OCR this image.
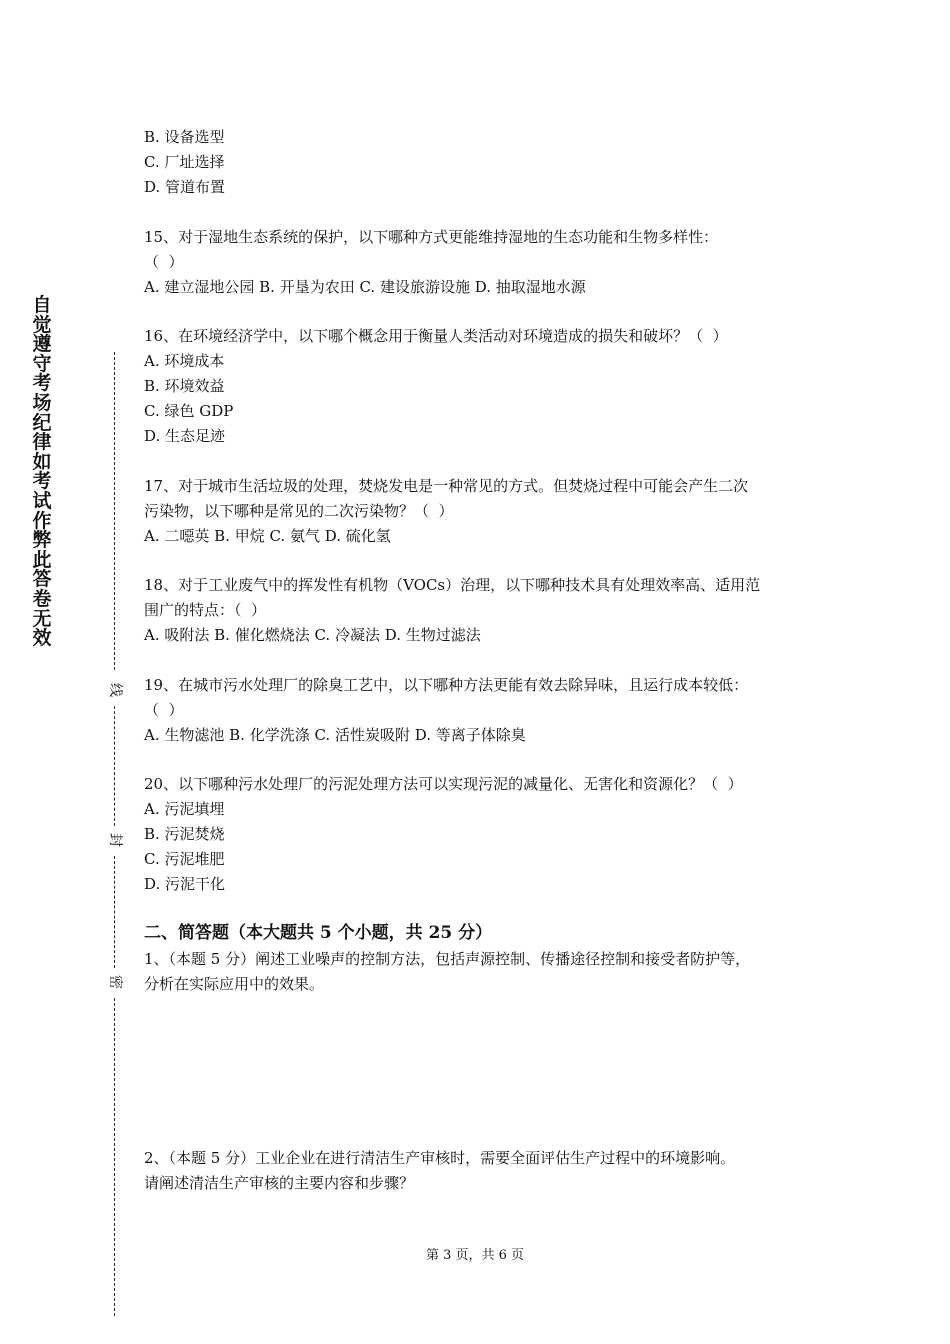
自觉遵守考场纪律如考试作弊此答卷无效
线
封
密
B. 设备选型
C. 厂址选择
D. 管道布置
15、对于湿地生态系统的保护，以下哪种方式更能维持湿地的生态功能和生物多样性：
（  ）
A. 建立湿地公园 B. 开垦为农田 C. 建设旅游设施 D. 抽取湿地水源
16、在环境经济学中，以下哪个概念用于衡量人类活动对环境造成的损失和破坏？（  ）
A. 环境成本
B. 环境效益
C. 绿色 GDP
D. 生态足迹
17、对于城市生活垃圾的处理，焚烧发电是一种常见的方式。但焚烧过程中可能会产生二次
污染物，以下哪种是常见的二次污染物？（  ）
A. 二噁英 B. 甲烷 C. 氨气 D. 硫化氢
18、对于工业废气中的挥发性有机物（VOCs）治理，以下哪种技术具有处理效率高、适用范
围广的特点：（  ）
A. 吸附法 B. 催化燃烧法 C. 冷凝法 D. 生物过滤法
19、在城市污水处理厂的除臭工艺中，以下哪种方法更能有效去除异味，且运行成本较低：
（  ）
A. 生物滤池 B. 化学洗涤 C. 活性炭吸附 D. 等离子体除臭
20、以下哪种污水处理厂的污泥处理方法可以实现污泥的减量化、无害化和资源化？（  ）
A. 污泥填埋
B. 污泥焚烧
C. 污泥堆肥
D. 污泥干化
二、简答题（本大题共 5 个小题，共 25 分）
1、（本题 5 分）阐述工业噪声的控制方法，包括声源控制、传播途径控制和接受者防护等，
分析在实际应用中的效果。
2、（本题 5 分）工业企业在进行清洁生产审核时，需要全面评估生产过程中的环境影响。
请阐述清洁生产审核的主要内容和步骤？
第 3 页，共 6 页
